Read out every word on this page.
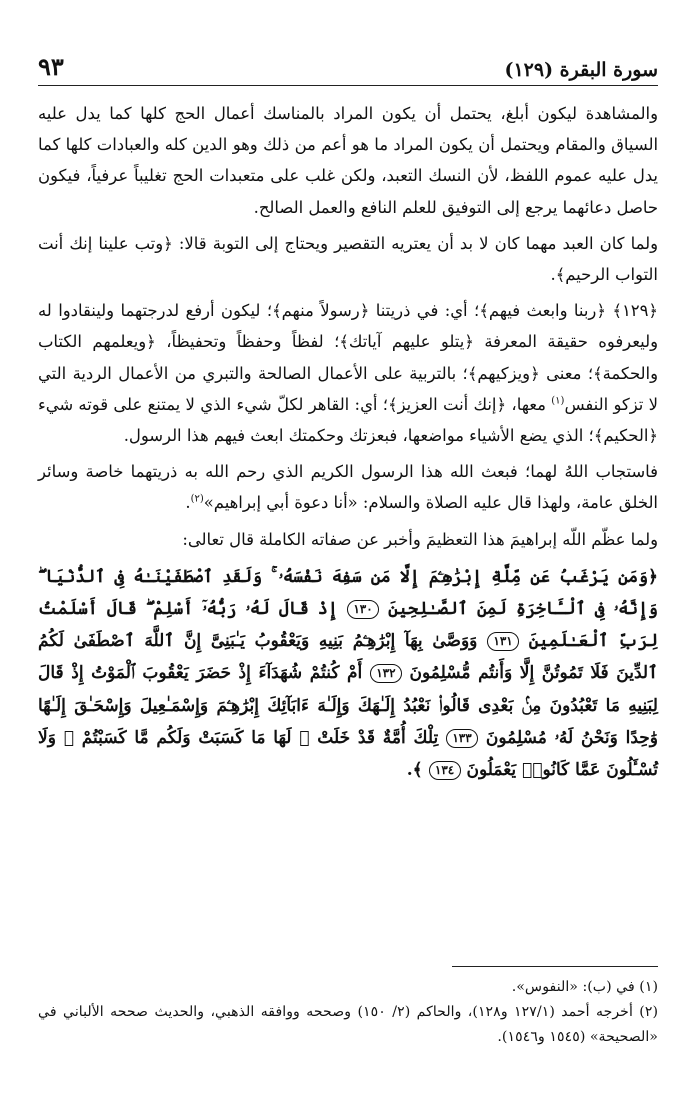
سورة البقرة (١٢٩)
٩٣

والمشاهدة ليكون أبلغ، يحتمل أن يكون المراد بالمناسك أعمال الحج كلها كما يدل عليه السياق والمقام ويحتمل أن يكون المراد ما هو أعم من ذلك وهو الدين كله والعبادات كلها كما يدل عليه عموم اللفظ، لأن النسك التعبد، ولكن غلب على متعبدات الحج تغليباً عرفياً، فيكون حاصل دعائهما يرجع إلى التوفيق للعلم النافع والعمل الصالح.

ولما كان العبد مهما كان لا بد أن يعتريه التقصير ويحتاج إلى التوبة قالا: ﴿وتب علينا إنك أنت التواب الرحيم﴾.

﴿١٢٩﴾ ﴿ربنا وابعث فيهم﴾؛ أي: في ذريتنا ﴿رسولاً منهم﴾؛ ليكون أرفع لدرجتهما ولينقادوا له وليعرفوه حقيقة المعرفة ﴿يتلو عليهم آياتك﴾؛ لفظاً وحفظاً وتحفيظاً، ﴿ويعلمهم الكتاب والحكمة﴾؛ معنى ﴿ويزكيهم﴾؛ بالتربية على الأعمال الصالحة والتبري من الأعمال الردية التي لا تزكو النفس$^{(١)}$ معها، ﴿إنك أنت العزيز﴾؛ أي: القاهر لكلّ شيء الذي لا يمتنع على قوته شيء ﴿الحكيم﴾؛ الذي يضع الأشياء مواضعها، فبعزتك وحكمتك ابعث فيهم هذا الرسول.

فاستجاب اللهُ لهما؛ فبعث الله هذا الرسول الكريم الذي رحم الله به ذريتهما خاصة وسائر الخلق عامة، ولهذا قال عليه الصلاة والسلام: «أنا دعوة أبي إبراهيم»$^{(٢)}$.

ولما عظّم اللّه إبراهيمَ هذا التعظيمَ وأخبر عن صفاته الكاملة قال تعالى:

﴿وَمَن يَرْغَبُ عَن مِّلَّةِ إِبْرَٰهِـۧمَ إِلَّا مَن سَفِهَ نَفْسَهُۥ ۚ وَلَقَدِ ٱصْطَفَيْنَـٰهُ فِى ٱلدُّنْيَا ۖ وَإِنَّهُۥ فِى ٱلْـَٔاخِرَةِ لَمِنَ ٱلصَّـٰلِحِينَ ١٣٠ إِذْ قَالَ لَهُۥ رَبُّهُۥٓ أَسْلِمْ ۖ قَالَ أَسْلَمْتُ لِرَبِّ ٱلْعَـٰلَمِينَ ١٣١ وَوَصَّىٰ بِهَآ إِبْرَٰهِـۧمُ بَنِيهِ وَيَعْقُوبُ يَـٰبَنِىَّ إِنَّ ٱللَّهَ ٱصْطَفَىٰ لَكُمُ ٱلدِّينَ فَلَا تَمُوتُنَّ إِلَّا وَأَنتُم مُّسْلِمُونَ ١٣٢ أَمْ كُنتُمْ شُهَدَآءَ إِذْ حَضَرَ يَعْقُوبَ ٱلْمَوْتُ إِذْ قَالَ لِبَنِيهِ مَا تَعْبُدُونَ مِنۢ بَعْدِى قَالُوا۟ نَعْبُدُ إِلَـٰهَكَ وَإِلَـٰهَ ءَابَآئِكَ إِبْرَٰهِـۧمَ وَإِسْمَـٰعِيلَ وَإِسْحَـٰقَ إِلَـٰهًا وَٰحِدًا وَنَحْنُ لَهُۥ مُسْلِمُونَ ١٣٣ تِلْكَ أُمَّةٌ قَدْ خَلَتْ ۖ لَهَا مَا كَسَبَتْ وَلَكُم مَّا كَسَبْتُمْ ۖ وَلَا تُسْـَٔلُونَ عَمَّا كَانُوا۟ يَعْمَلُونَ ١٣٤ ﴾.

(١) في (ب): «النفوس».

(٢) أخرجه أحمد (١٢٧/١ و١٢٨)، والحاكم (٢/ ١٥٠) وصححه ووافقه الذهبي، والحديث صححه الألباني في «الصحيحة» (١٥٤٥ و١٥٤٦).
